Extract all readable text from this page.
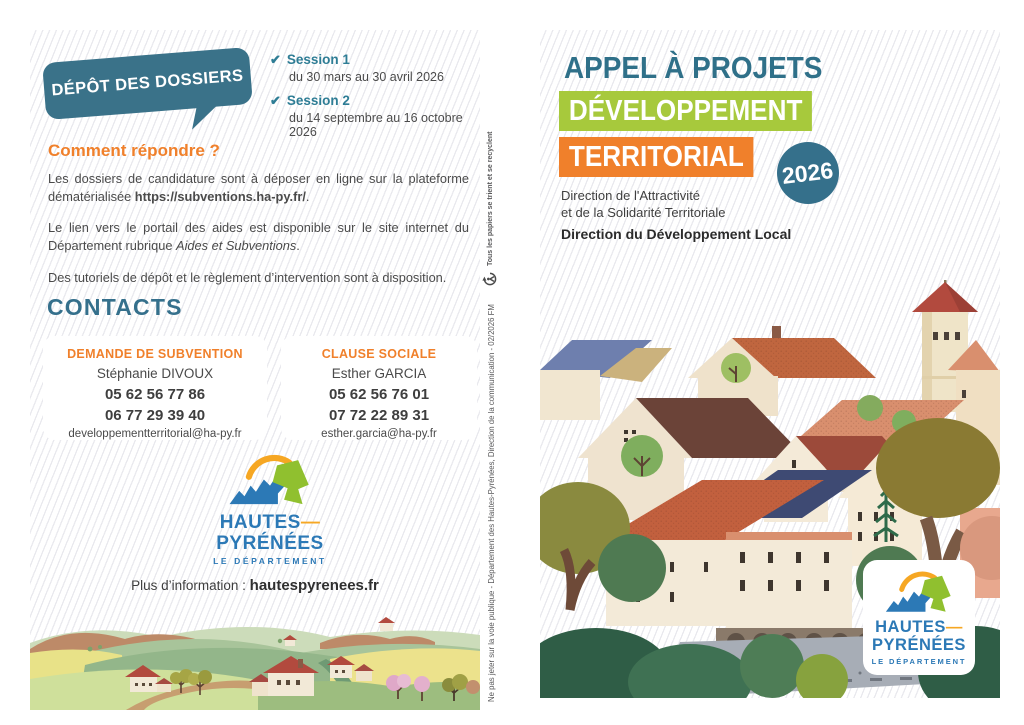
DÉPÔT DES DOSSIERS
✔ Session 1
du 30 mars au 30 avril 2026
✔ Session 2
du 14 septembre au 16 octobre 2026
Comment répondre ?

Les dossiers de candidature sont à déposer en ligne sur la plateforme dématérialisée https://subventions.ha-py.fr/.

Le lien vers le portail des aides est disponible sur le site internet du Département rubrique Aides et Subventions.

Des tutoriels de dépôt et le règlement d’intervention sont à disposition.

CONTACTS
DEMANDE DE SUBVENTION
Stéphanie DIVOUX
05 62 56 77 86
06 77 29 39 40
developpementterritorial@ha-py.fr
CLAUSE SOCIALE
Esther GARCIA
05 62 56 76 01
07 72 22 89 31
esther.garcia@ha-py.fr
HAUTES—
PYRÉNÉES
LE DÉPARTEMENT
Plus d’information : hautespyrenees.fr
APPEL À PROJETS
DÉVELOPPEMENT
TERRITORIAL	2026
Direction de l'Attractivité
et de la Solidarité Territoriale
Direction du Développement Local
HAUTES—
PYRÉNÉES
LE DÉPARTEMENT
Ne pas jeter sur la voie publique - Département des Hautes-Pyrénées, Direction de la communication - 02/2026 FM
Tous les papiers se trient et se recyclent
